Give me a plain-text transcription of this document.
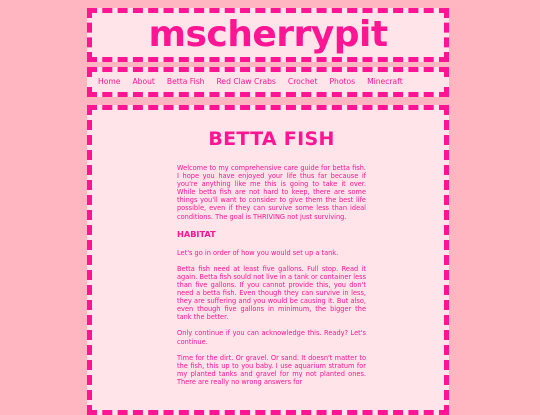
mscherrypit
Home About Betta Fish Red Claw Crabs Crochet Photos Minecraft
BETTA FISH

Welcome to my comprehensive care guide for betta fish. I hope you have enjoyed your life thus far because if you're anything like me this is going to take it over. While betta fish are not hard to keep, there are some things you'll want to consider to give them the best life possible, even if they can survive some less than ideal conditions. The goal is THRIVING not just surviving.

HABITAT

Let's go in order of how you would set up a tank.

Betta fish need at least five gallons. Full stop. Read it again. Betta fish sould not live in a tank or container less than five gallons. If you cannot provide this, you don't need a betta fish. Even though they can survive in less, they are suffering and you would be causing it. But also, even though five gallons in minimum, the bigger the tank the better.

Only continue if you can acknowledge this. Ready? Let's continue.

Time for the dirt. Or gravel. Or sand. It doesn't matter to the fish, this up to you baby. I use aquarium stratum for my planted tanks and gravel for my not planted ones. There are really no wrong answers for
